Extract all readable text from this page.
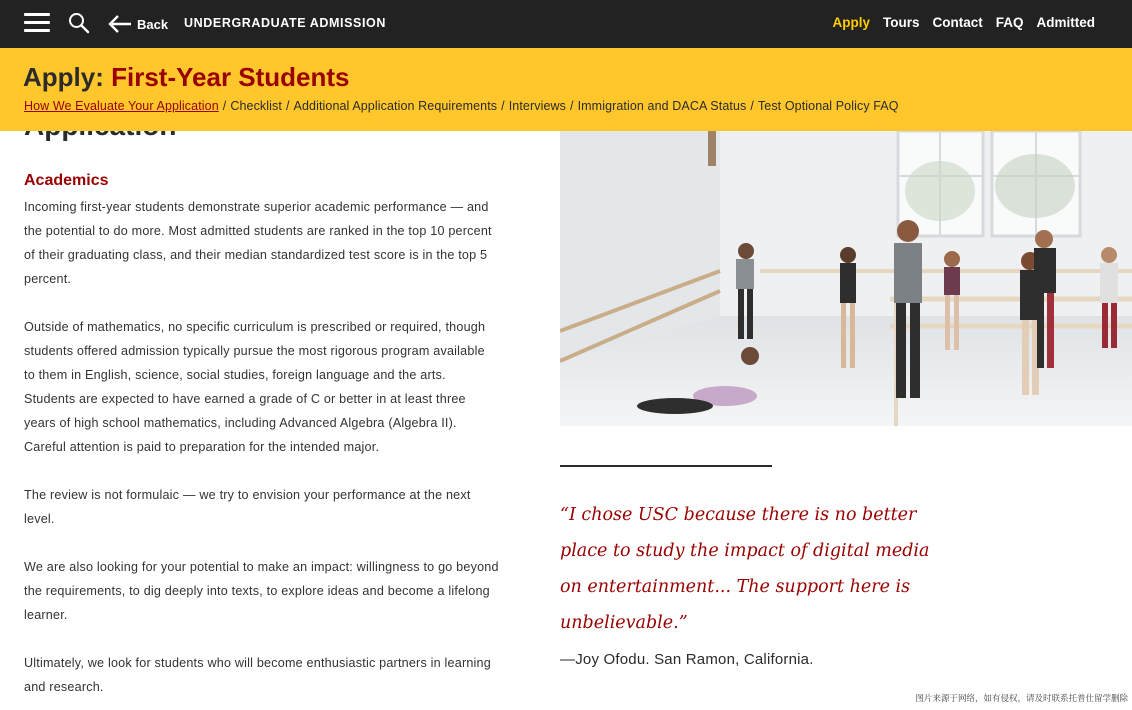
Back UNDERGRADUATE ADMISSION	Apply Tours Contact FAQ Admitted
Apply: First-Year Students
How We Evaluate Your Application / Checklist / Additional Application Requirements / Interviews / Immigration and DACA Status / Test Optional Policy FAQ
Academics

Incoming first-year students demonstrate superior academic performance — and the potential to do more. Most admitted students are ranked in the top 10 percent of their graduating class, and their median standardized test score is in the top 5 percent.

Outside of mathematics, no specific curriculum is prescribed or required, though students offered admission typically pursue the most rigorous program available to them in English, science, social studies, foreign language and the arts. Students are expected to have earned a grade of C or better in at least three years of high school mathematics, including Advanced Algebra (Algebra II). Careful attention is paid to preparation for the intended major.

The review is not formulaic — we try to envision your performance at the next level.

We are also looking for your potential to make an impact: willingness to go beyond the requirements, to dig deeply into texts, to explore ideas and become a lifelong learner.

Ultimately, we look for students who will become enthusiastic partners in learning and research.

“I chose USC because there is no better place to study the impact of digital media on entertainment... The support here is unbelievable.”
—Joy Ofodu. San Ramon, California.
图片来源于网络，如有侵权，请及时联系托普仕留学删除
